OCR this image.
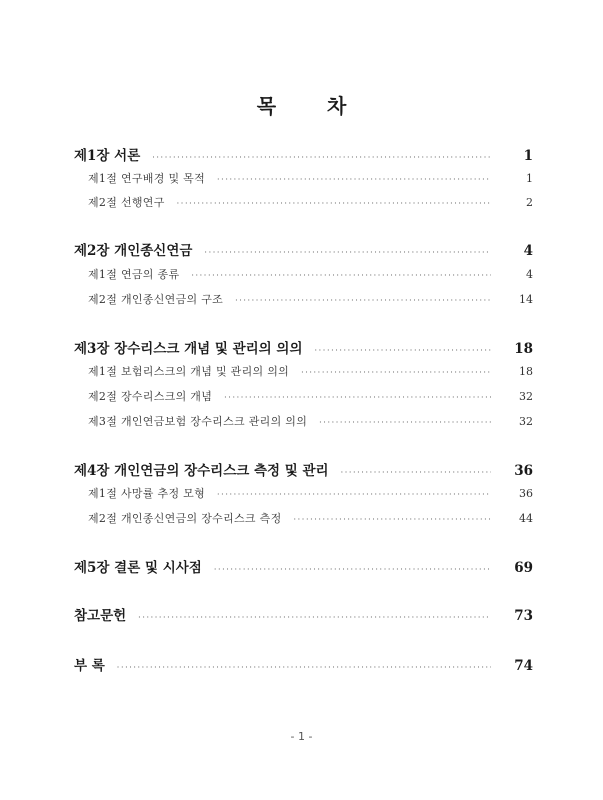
목 차
제1장 서론 ·····	1
제1절 연구배경 및 목적 ·····	1
제2절 선행연구 ·····	2
제2장 개인종신연금 ·····	4
제1절 연금의 종류 ·····	4
제2절 개인종신연금의 구조 ·····	14
제3장 장수리스크 개념 및 관리의 의의 ·····	18
제1절 보험리스크의 개념 및 관리의 의의 ·····	18
제2절 장수리스크의 개념 ·····	32
제3절 개인연금보험 장수리스크 관리의 의의 ·····	32
제4장 개인연금의 장수리스크 측정 및 관리 ·····	36
제1절 사망률 추정 모형 ·····	36
제2절 개인종신연금의 장수리스크 측정 ·····	44
제5장 결론 및 시사점 ·····	69
참고문헌 ·····	73
부 록 ·····	74
- 1 -
